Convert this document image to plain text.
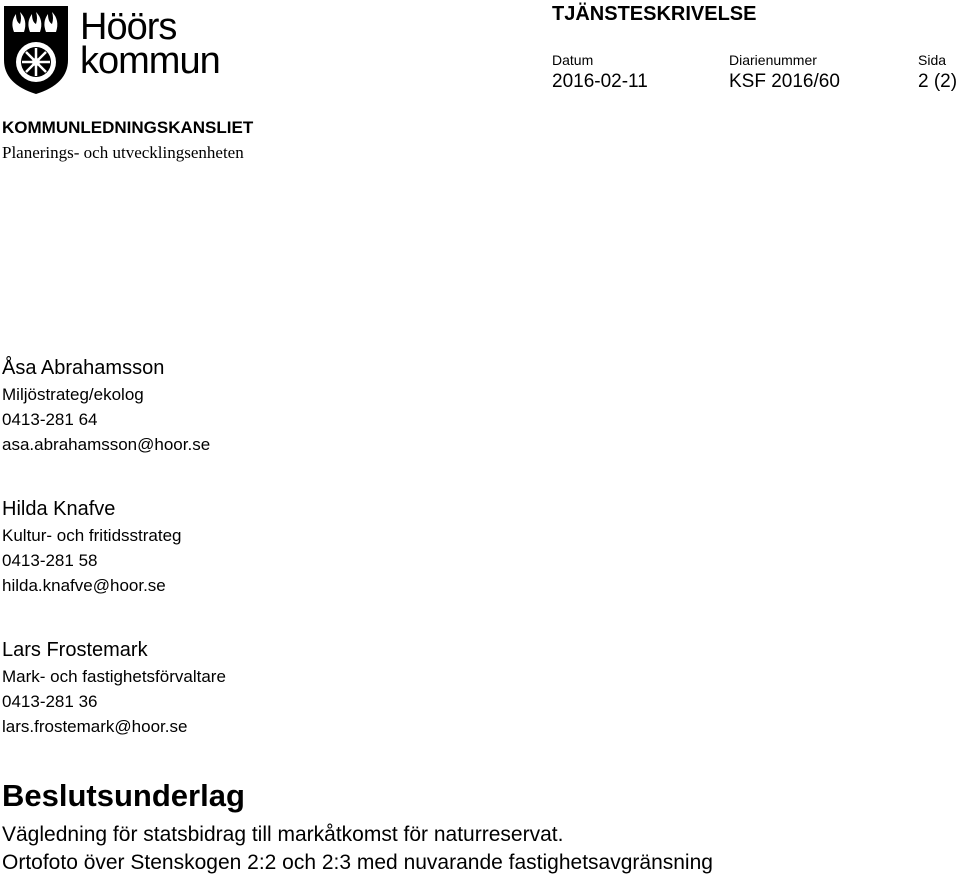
Höörs
kommun
TJÄNSTESKRIVELSE
Datum
2016-02-11
Diarienummer
KSF 2016/60
Sida
2 (2)
KOMMUNLEDNINGSKANSLIET
Planerings- och utvecklingsenheten
Åsa Abrahamsson
Miljöstrateg/ekolog
0413-281 64
asa.abrahamsson@hoor.se
Hilda Knafve
Kultur- och fritidsstrateg
0413-281 58
hilda.knafve@hoor.se
Lars Frostemark
Mark- och fastighetsförvaltare
0413-281 36
lars.frostemark@hoor.se
Beslutsunderlag
Vägledning för statsbidrag till markåtkomst för naturreservat.
Ortofoto över Stenskogen 2:2 och 2:3 med nuvarande fastighetsavgränsning
